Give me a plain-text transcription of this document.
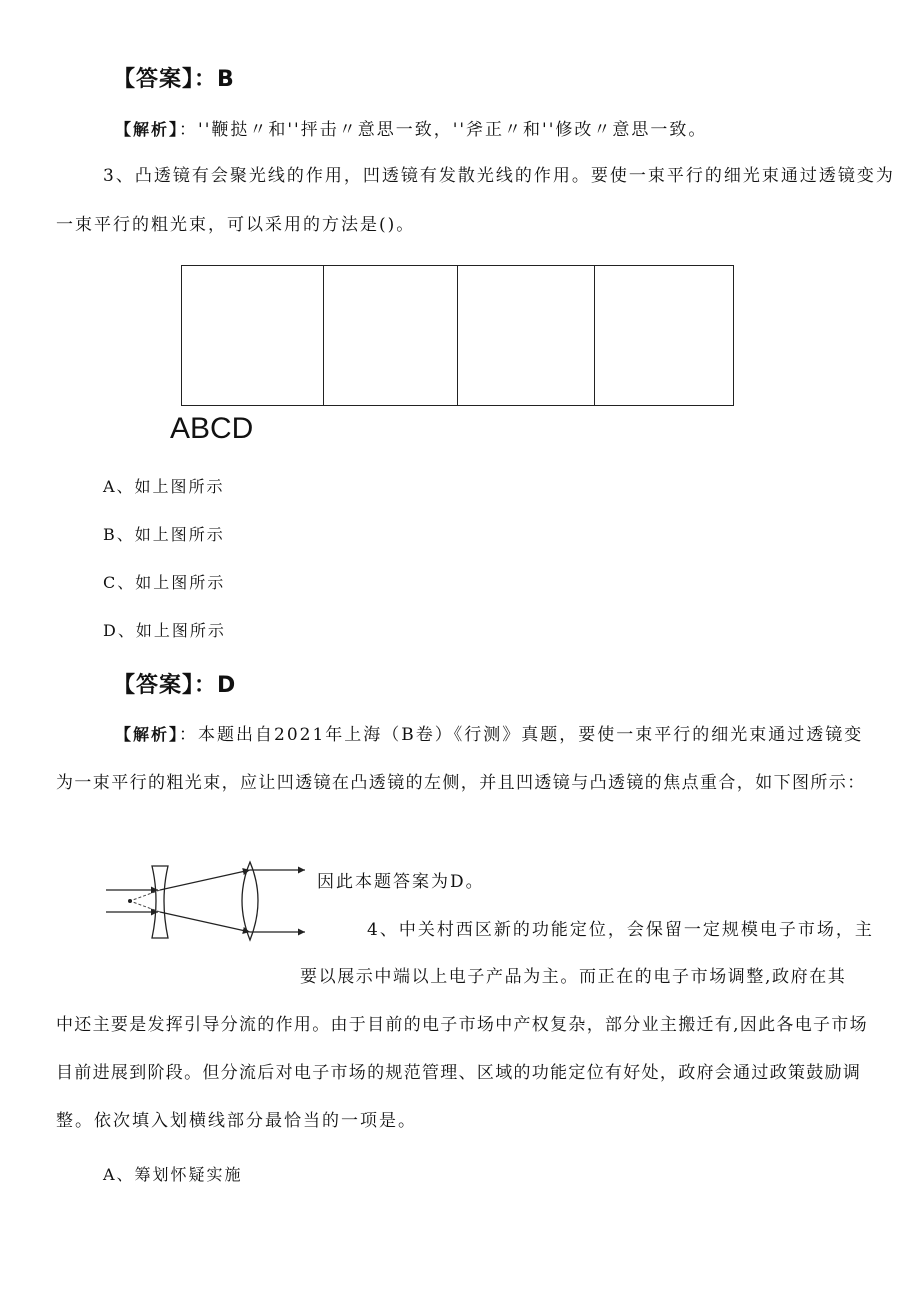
【答案】：B
【解析】：''鞭挞〃和''抨击〃意思一致，''斧正〃和''修改〃意思一致。
3、凸透镜有会聚光线的作用，凹透镜有发散光线的作用。要使一束平行的细光束通过透镜变为
一束平行的粗光束，可以采用的方法是()。
ABCD
A、如上图所示
B、如上图所示
C、如上图所示
D、如上图所示
【答案】：D
【解析】：本题出自2021年上海（B卷）《行测》真题，要使一束平行的细光束通过透镜变
为一束平行的粗光束，应让凹透镜在凸透镜的左侧，并且凹透镜与凸透镜的焦点重合，如下图所示：
因此本题答案为D。
4、中关村西区新的功能定位，会保留一定规模电子市场，主
要以展示中端以上电子产品为主。而正在的电子市场调整,政府在其
中还主要是发挥引导分流的作用。由于目前的电子市场中产权复杂，部分业主搬迁有,因此各电子市场
目前进展到阶段。但分流后对电子市场的规范管理、区域的功能定位有好处，政府会通过政策鼓励调
整。依次填入划横线部分最恰当的一项是。
A、筹划怀疑实施
